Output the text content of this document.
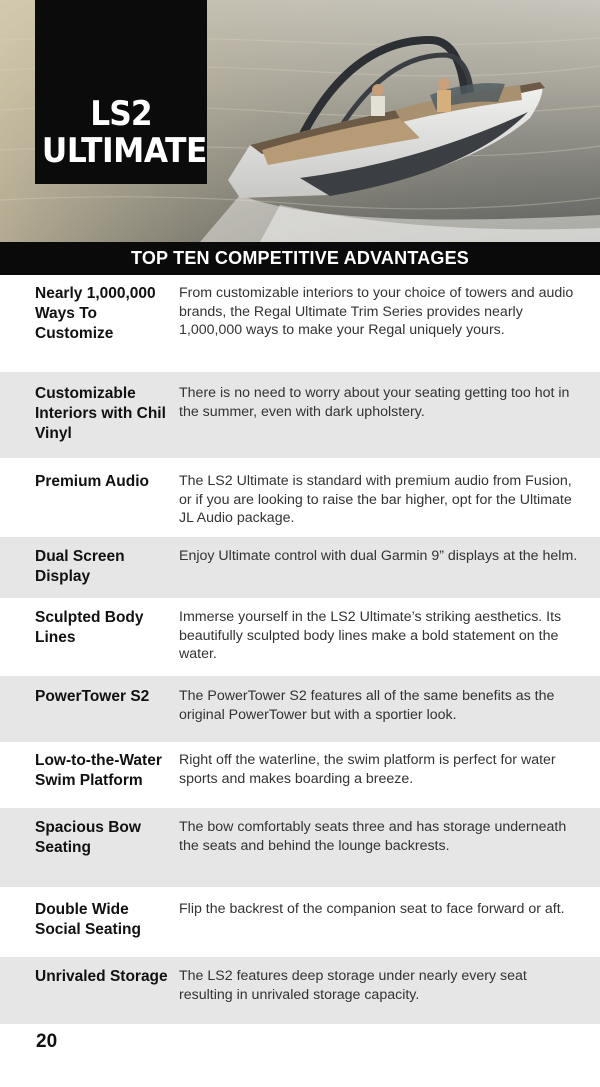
LS2
ULTIMATE
TOP TEN COMPETITIVE ADVANTAGES
Nearly 1,000,000 Ways To Customize
From customizable interiors to your choice of towers and audio brands, the Regal Ultimate Trim Series provides nearly 1,000,000 ways to make your Regal uniquely yours.
Customizable Interiors with Chil Vinyl
There is no need to worry about your seating getting too hot in the summer, even with dark upholstery.
Premium Audio	The LS2 Ultimate is standard with premium audio from Fusion, or if you are looking to raise the bar higher, opt for the Ultimate JL Audio package.
Dual Screen Display
Enjoy Ultimate control with dual Garmin 9” displays at the helm.
Sculpted Body Lines
Immerse yourself in the LS2 Ultimate’s striking aesthetics. Its beautifully sculpted body lines make a bold statement on the water.
PowerTower S2	The PowerTower S2 features all of the same benefits as the original PowerTower but with a sportier look.
Low-to-the-Water Swim Platform
Right off the waterline, the swim platform is perfect for water sports and makes boarding a breeze.
Spacious Bow Seating
The bow comfortably seats three and has storage underneath the seats and behind the lounge backrests.
Double Wide Social Seating
Flip the backrest of the companion seat to face forward or aft.
Unrivaled Storage The LS2 features deep storage under nearly every seat resulting in unrivaled storage capacity.
20
